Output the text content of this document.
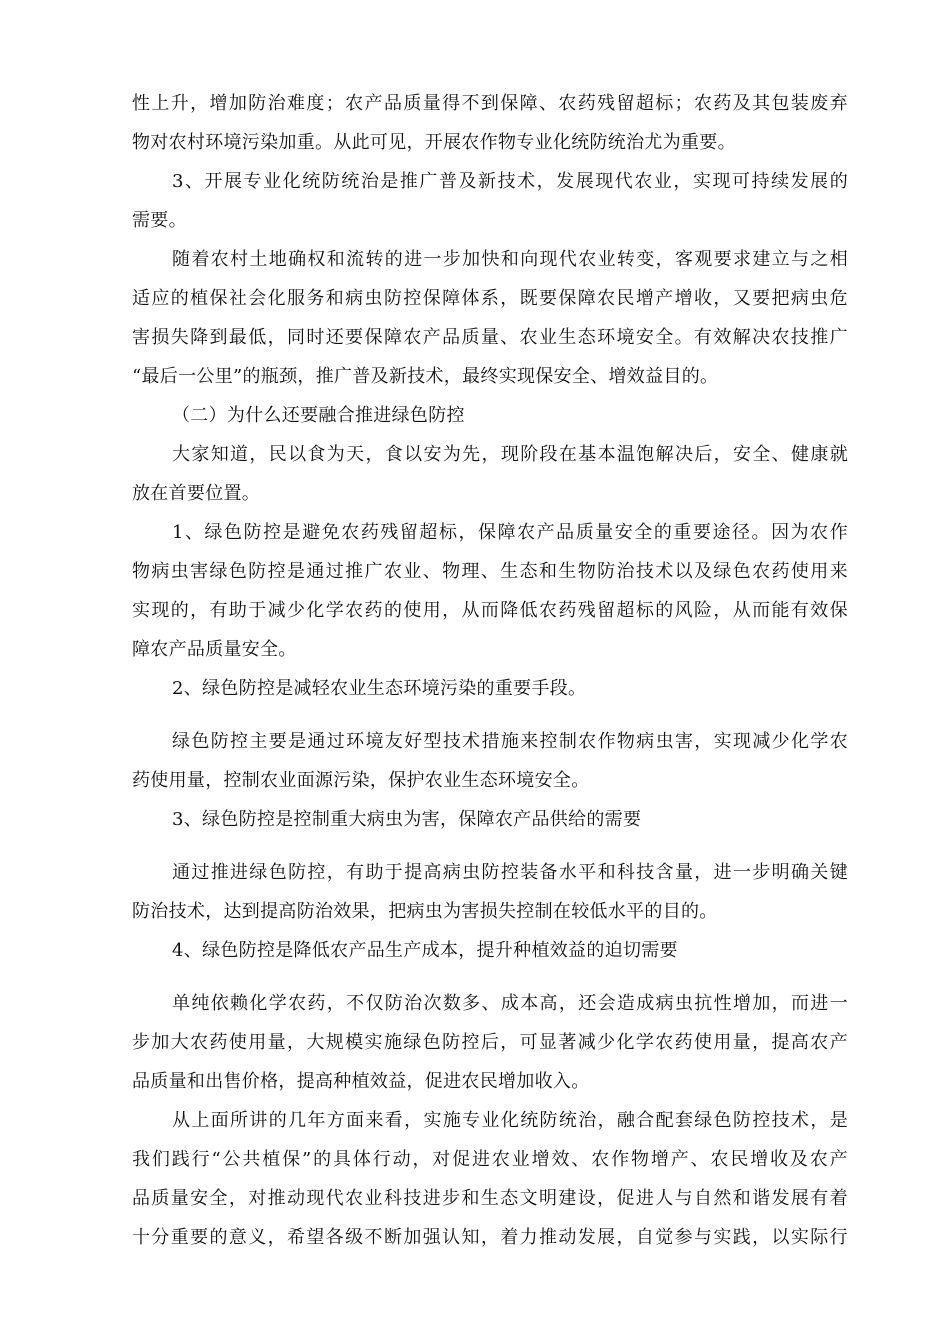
性上升，增加防治难度；农产品质量得不到保障、农药残留超标；农药及其包装废弃
物对农村环境污染加重。从此可见，开展农作物专业化统防统治尤为重要。
3、开展专业化统防统治是推广普及新技术，发展现代农业，实现可持续发展的
需要。
随着农村土地确权和流转的进一步加快和向现代农业转变，客观要求建立与之相
适应的植保社会化服务和病虫防控保障体系，既要保障农民增产增收，又要把病虫危
害损失降到最低，同时还要保障农产品质量、农业生态环境安全。有效解决农技推广
“最后一公里”的瓶颈，推广普及新技术，最终实现保安全、增效益目的。
（二）为什么还要融合推进绿色防控
大家知道，民以食为天，食以安为先，现阶段在基本温饱解决后，安全、健康就
放在首要位置。
1、绿色防控是避免农药残留超标，保障农产品质量安全的重要途径。因为农作
物病虫害绿色防控是通过推广农业、物理、生态和生物防治技术以及绿色农药使用来
实现的，有助于减少化学农药的使用，从而降低农药残留超标的风险，从而能有效保
障农产品质量安全。
2、绿色防控是减轻农业生态环境污染的重要手段。
绿色防控主要是通过环境友好型技术措施来控制农作物病虫害，实现减少化学农
药使用量，控制农业面源污染，保护农业生态环境安全。
3、绿色防控是控制重大病虫为害，保障农产品供给的需要
通过推进绿色防控，有助于提高病虫防控装备水平和科技含量，进一步明确关键
防治技术，达到提高防治效果，把病虫为害损失控制在较低水平的目的。
4、绿色防控是降低农产品生产成本，提升种植效益的迫切需要
单纯依赖化学农药，不仅防治次数多、成本高，还会造成病虫抗性增加，而进一
步加大农药使用量，大规模实施绿色防控后，可显著减少化学农药使用量，提高农产
品质量和出售价格，提高种植效益，促进农民增加收入。
从上面所讲的几年方面来看，实施专业化统防统治，融合配套绿色防控技术，是
我们践行“公共植保”的具体行动，对促进农业增效、农作物增产、农民增收及农产
品质量安全，对推动现代农业科技进步和生态文明建设，促进人与自然和谐发展有着
十分重要的意义，希望各级不断加强认知，着力推动发展，自觉参与实践，以实际行
